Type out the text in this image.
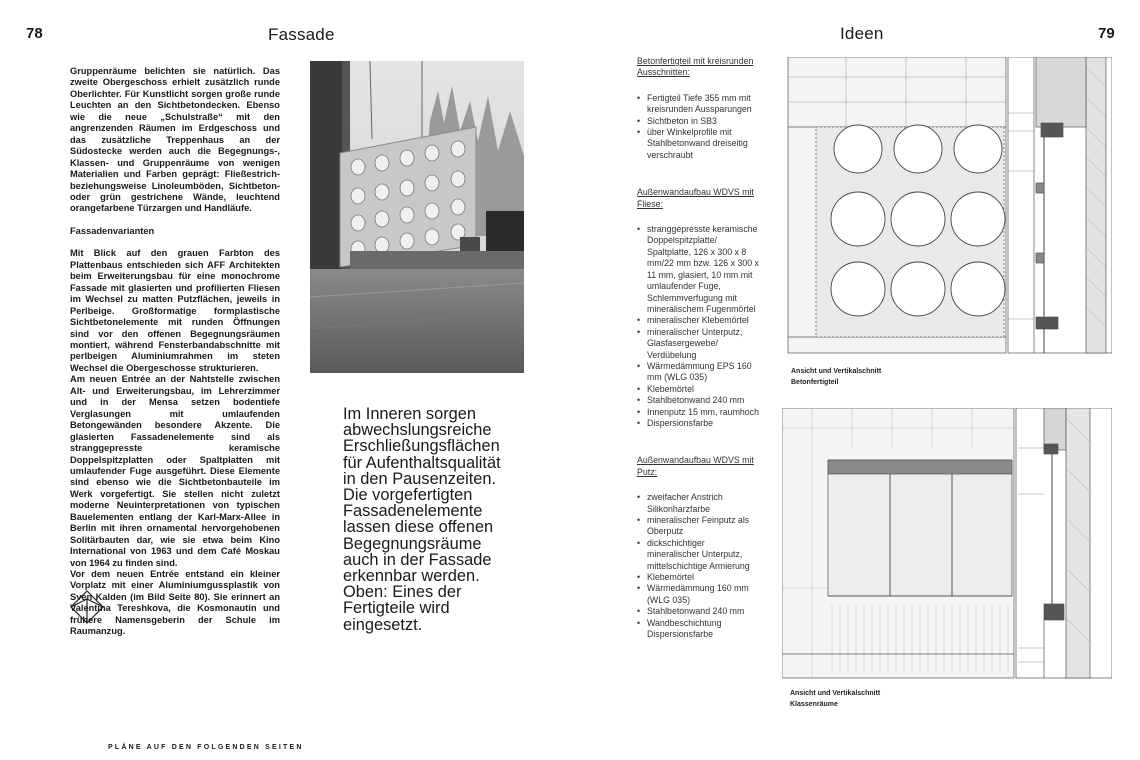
78	Fassade

Gruppenräume belichten sie natürlich. Das zweite Obergeschoss erhielt zusätzlich runde Oberlichter. Für Kunstlicht sorgen große runde Leuchten an den Sichtbetondecken. Ebenso wie die neue „Schulstraße“ mit den angrenzenden Räumen im Erdgeschoss und das zusätzliche Treppenhaus an der Südostecke werden auch die Begegnungs-, Klassen- und Gruppenräume von wenigen Materialien und Farben geprägt: Fließestrich- beziehungsweise Linoleumböden, Sichtbeton- oder grün gestrichene Wände, leuchtend orangefarbene Türzargen und Handläufe.

Fassadenvarianten

Mit Blick auf den grauen Farbton des Plattenbaus entschieden sich AFF Architekten beim Erweiterungsbau für eine monochrome Fassade mit glasierten und profilierten Fliesen im Wechsel zu matten Putzflächen, jeweils in Perlbeige. Großformatige formplastische Sichtbetonelemente mit runden Öffnungen sind vor den offenen Begegnungsräumen montiert, während Fensterbandabschnitte mit perlbeigen Aluminiumrahmen im steten Wechsel die Obergeschosse strukturieren.

Am neuen Entrée an der Nahtstelle zwischen Alt- und Erweiterungsbau, im Lehrerzimmer und in der Mensa setzen bodentiefe Verglasungen mit umlaufenden Betongewänden besondere Akzente. Die glasierten Fassadenelemente sind als stranggepresste keramische Doppelspitzplatten oder Spaltplatten mit umlaufender Fuge ausgeführt. Diese Elemente sind ebenso wie die Sichtbetonbauteile im Werk vorgefertigt. Sie stellen nicht zuletzt moderne Neuinterpretationen von typischen Bauelementen entlang der Karl-Marx-Allee in Berlin mit ihren ornamental hervorgehobenen Solitärbauten dar, wie sie etwa beim Kino International von 1963 und dem Café Moskau von 1964 zu finden sind.

Vor dem neuen Entrée entstand ein kleiner Vorplatz mit einer Aluminiumgussplastik von Sven Kalden (im Bild Seite 80). Sie erinnert an Valentina Tereshkova, die Kosmonautin und frühere Namensgeberin der Schule im Raumanzug.

Im Inneren sorgen abwechslungsreiche Erschließungsflächen für Aufenthaltsqualität in den Pausenzeiten. Die vorgefertigten Fassadenelemente lassen diese offenen Begegnungsräume auch in der Fassade erkennbar werden. Oben: Eines der Fertigteile wird eingesetzt.
PLÄNE AUF DEN FOLGENDEN SEITEN
Ideen	79
Betonfertigteil mit kreisrunden Ausschnitten:
• Fertigteil Tiefe 355 mm mit kreisrunden Aussparungen
• Sichtbeton in SB3
• über Winkelprofile mit Stahlbetonwand dreiseitig verschraubt
Außenwandaufbau WDVS mit Fliese:
• stranggepresste keramische Doppelspitzplatte/ Spaltplatte, 126 x 300 x 8 mm/22 mm bzw. 126 x 300 x 11 mm, glasiert, 10 mm mit umlaufender Fuge, Schlemmverfugung mit mineralischem Fugenmörtel
• mineralischer Klebemörtel
• mineralischer Unterputz, Glasfasergewebe/ Verdübelung
• Wärmedämmung EPS 160 mm (WLG 035)
• Klebemörtel
• Stahlbetonwand 240 mm
• Innenputz 15 mm, raumhoch
• Dispersionsfarbe
Außenwandaufbau WDVS mit Putz:
• zweifacher Anstrich Silikonharzfarbe
• mineralischer Feinputz als Oberputz
• dickschichtiger mineralischer Unterputz, mittelschichtige Armierung
• Klebemörtel
• Wärmedämmung 160 mm (WLG 035)
• Stahlbetonwand 240 mm
• Wandbeschichtung Dispersionsfarbe
Ansicht und Vertikalschnitt
Betonfertigteil
Ansicht und Vertikalschnitt
Klassenräume
